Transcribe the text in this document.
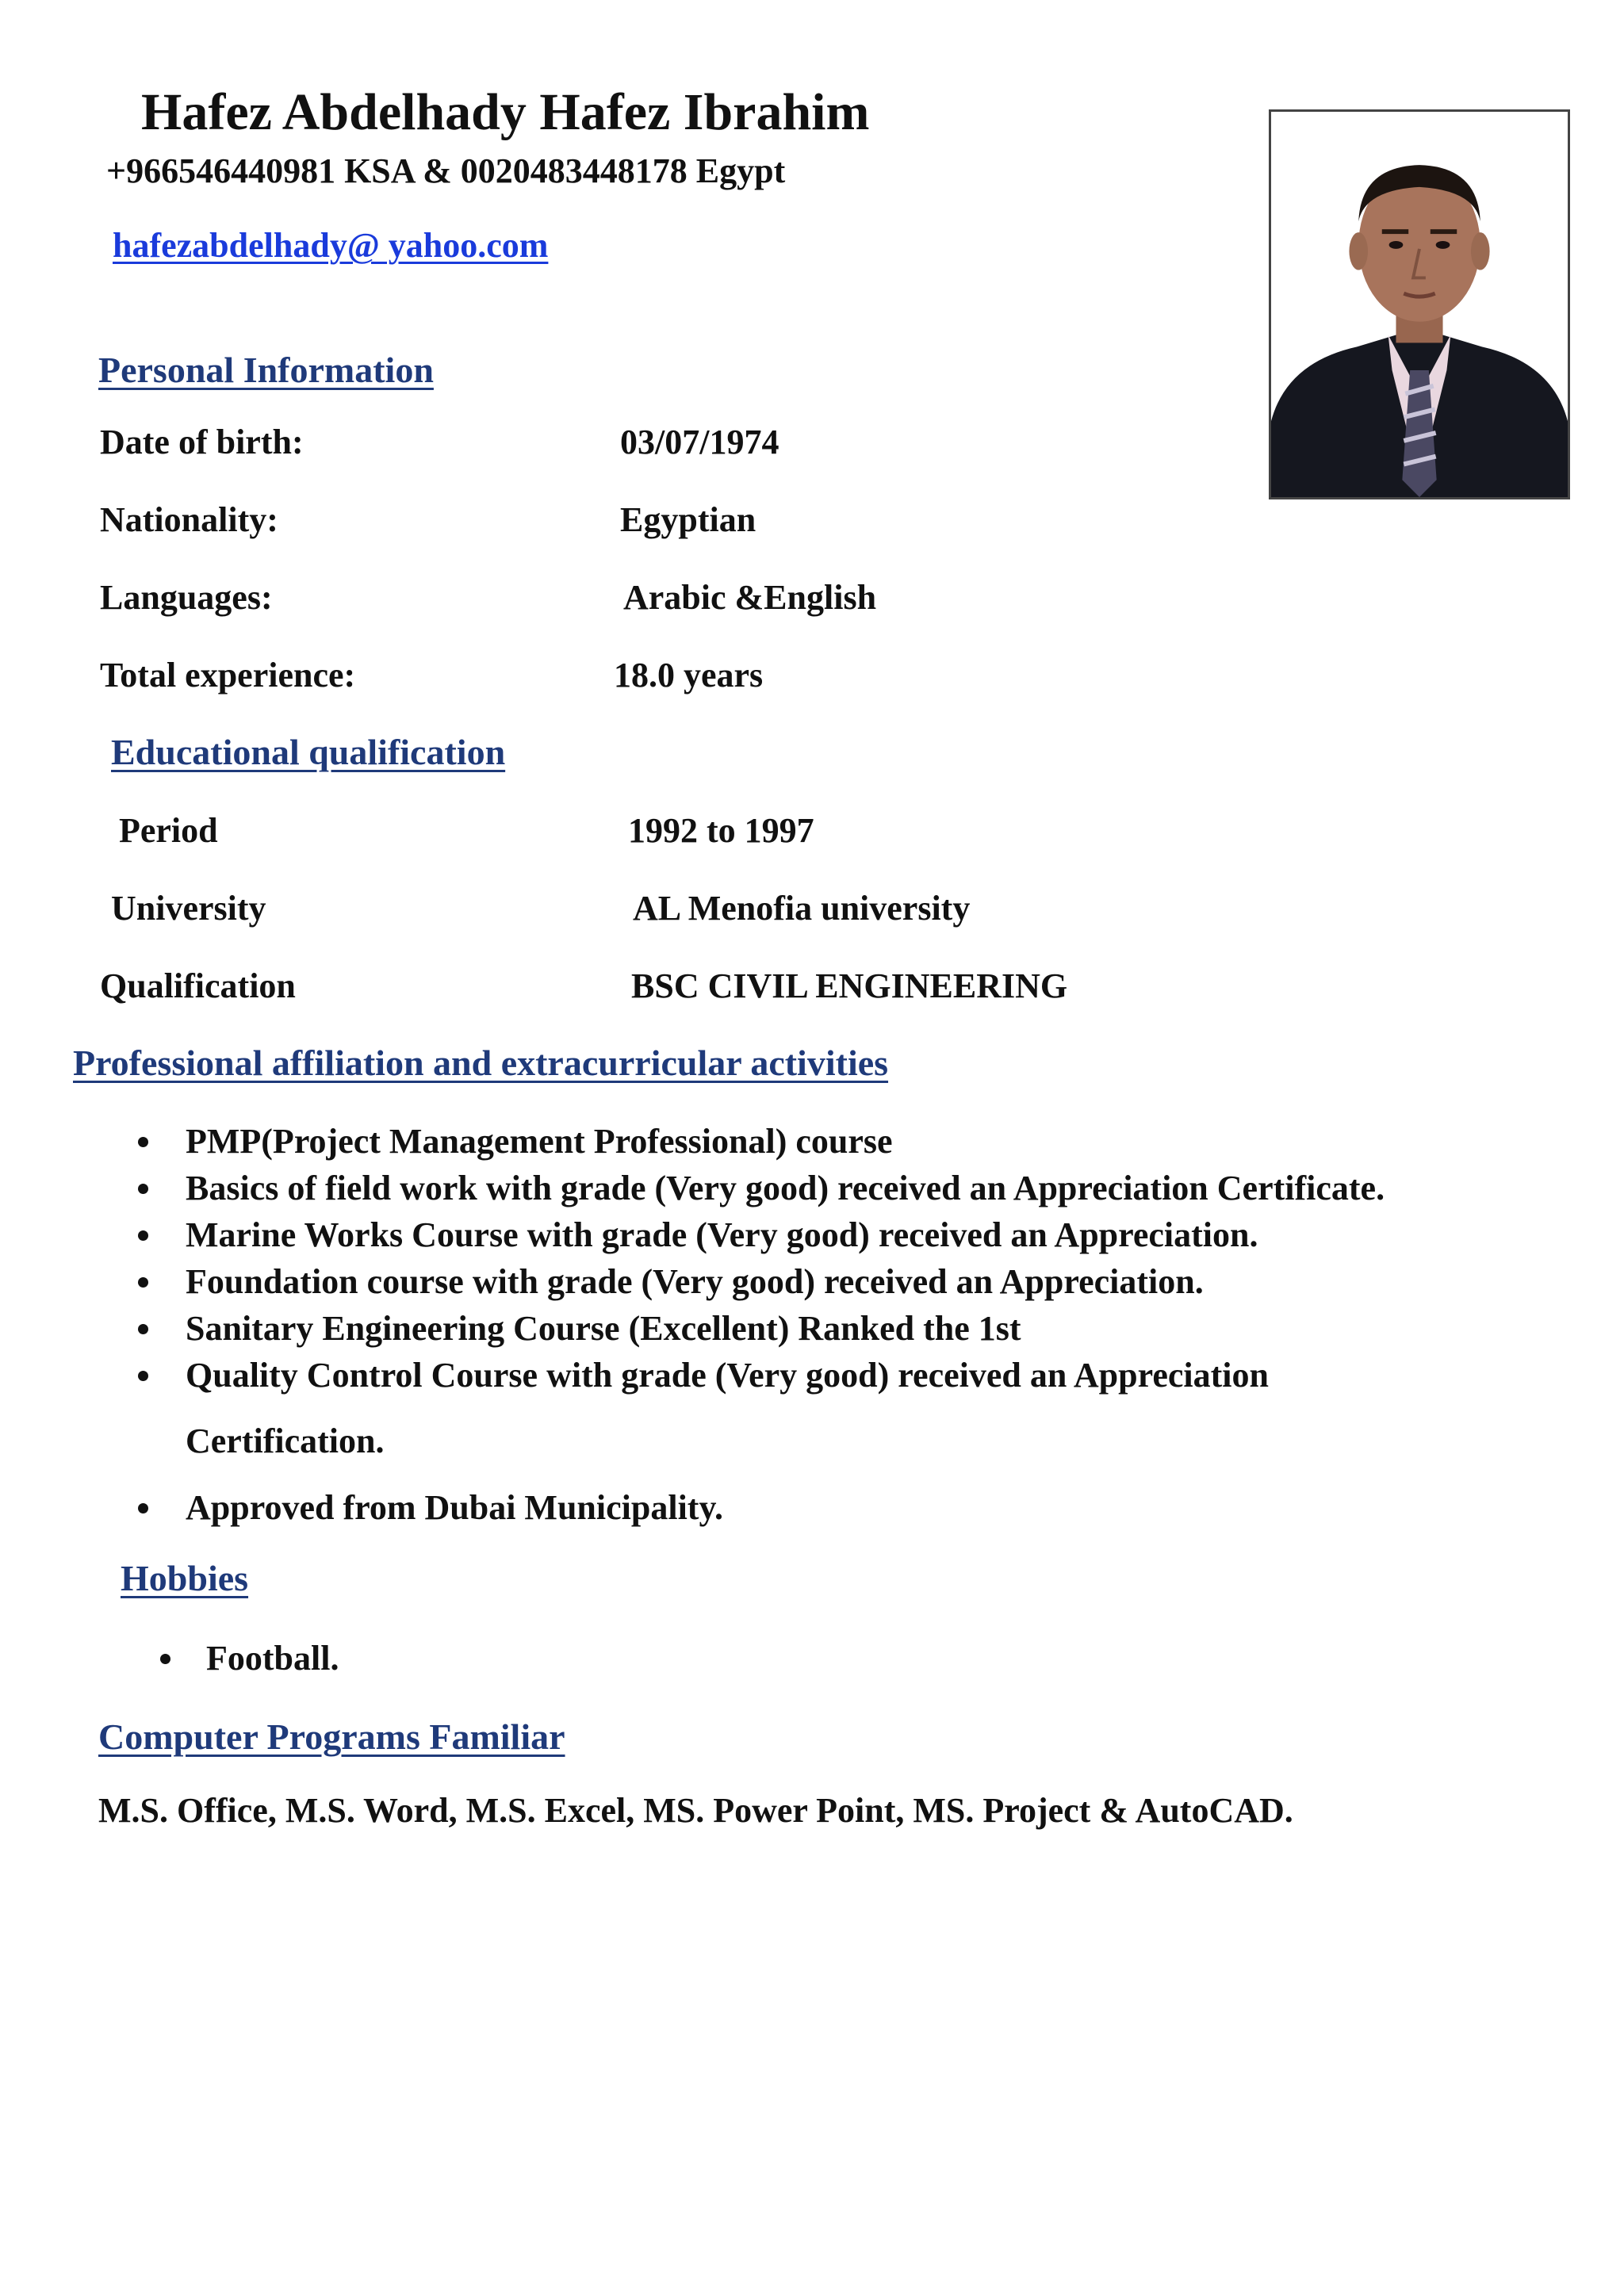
Hafez Abdelhady Hafez Ibrahim
+966546440981 KSA & 0020483448178 Egypt
hafezabdelhady@ yahoo.com
Personal Information
Date of birth:	03/07/1974
Nationality:	Egyptian
Languages:	Arabic &English
Total experience:	18.0 years
Educational qualification
Period	1992 to 1997
University	AL Menofia university
Qualification	BSC CIVIL ENGINEERING
Professional affiliation and extracurricular activities
PMP(Project Management Professional) course
Basics of field work with grade (Very good) received an Appreciation Certificate.
Marine Works Course with grade (Very good) received an Appreciation.
Foundation course with grade (Very good) received an Appreciation.
Sanitary Engineering Course (Excellent) Ranked the 1st
Quality Control Course with grade (Very good) received an Appreciation
Certification.
Approved from Dubai Municipality.
Hobbies
Football.
Computer Programs Familiar
M.S. Office, M.S. Word, M.S. Excel, MS. Power Point, MS. Project & AutoCAD.
